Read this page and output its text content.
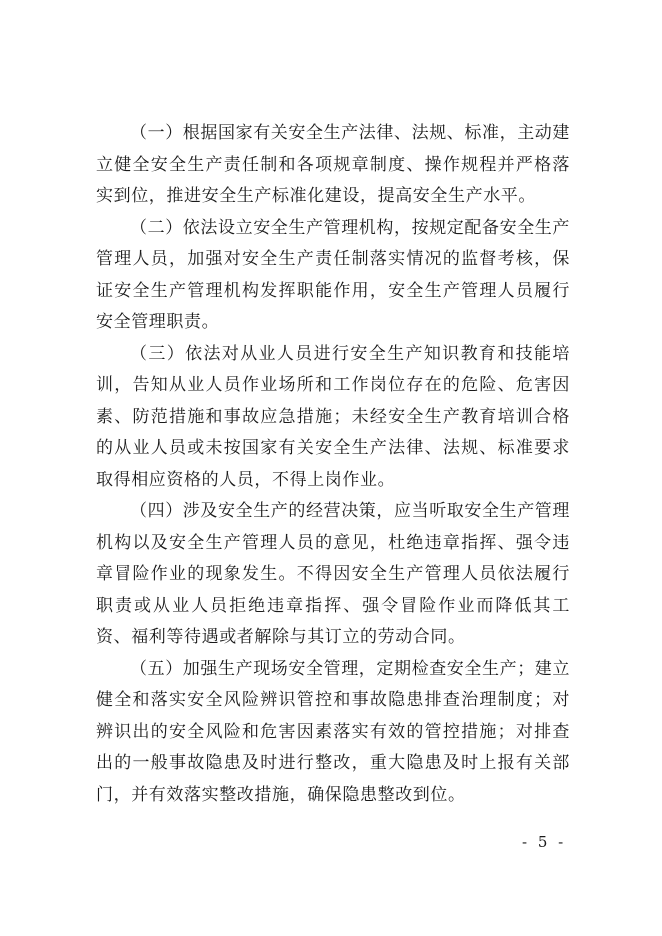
（一）根据国家有关安全生产法律、法规、标准，主动建立健全安全生产责任制和各项规章制度、操作规程并严格落实到位，推进安全生产标准化建设，提高安全生产水平。

（二）依法设立安全生产管理机构，按规定配备安全生产管理人员，加强对安全生产责任制落实情况的监督考核，保证安全生产管理机构发挥职能作用，安全生产管理人员履行安全管理职责。

（三）依法对从业人员进行安全生产知识教育和技能培训，告知从业人员作业场所和工作岗位存在的危险、危害因素、防范措施和事故应急措施；未经安全生产教育培训合格的从业人员或未按国家有关安全生产法律、法规、标准要求取得相应资格的人员，不得上岗作业。

（四）涉及安全生产的经营决策，应当听取安全生产管理机构以及安全生产管理人员的意见，杜绝违章指挥、强令违章冒险作业的现象发生。不得因安全生产管理人员依法履行职责或从业人员拒绝违章指挥、强令冒险作业而降低其工资、福利等待遇或者解除与其订立的劳动合同。

（五）加强生产现场安全管理，定期检查安全生产；建立健全和落实安全风险辨识管控和事故隐患排查治理制度；对辨识出的安全风险和危害因素落实有效的管控措施；对排查出的一般事故隐患及时进行整改，重大隐患及时上报有关部门，并有效落实整改措施，确保隐患整改到位。

- 5 -
